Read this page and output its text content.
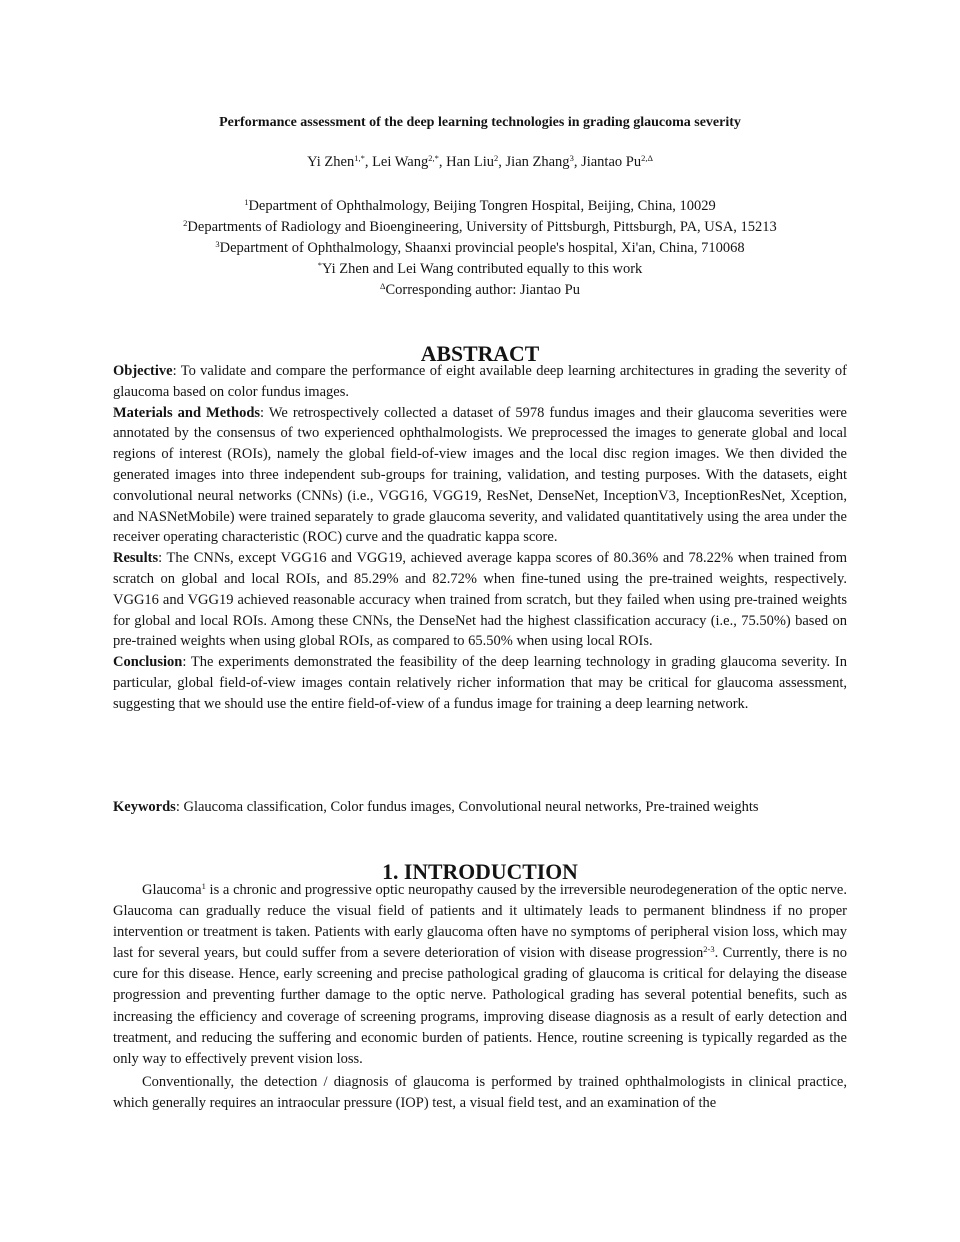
Performance assessment of the deep learning technologies in grading glaucoma severity

Yi Zhen$^{1,*}$, Lei Wang$^{2,*}$, Han Liu$^2$, Jian Zhang$^3$, Jiantao $Pu^{2,\Delta}$

$^1$Department of Ophthalmology, Beijing Tongren Hospital, Beijing, China, 10029
$^2$Departments of Radiology and Bioengineering, University of Pittsburgh, Pittsburgh, PA, USA, 15213
$^3$Department of Ophthalmology, Shaanxi provincial people's hospital, Xi'an, China, 710068
*Yi Zhen and Lei Wang contributed equally to this work
$^\Delta$Corresponding author: Jiantao Pu
ABSTRACT

Objective: To validate and compare the performance of eight available deep learning architectures in grading the severity of glaucoma based on color fundus images.

Materials and Methods: We retrospectively collected a dataset of 5978 fundus images and their glaucoma severities were annotated by the consensus of two experienced ophthalmologists. We preprocessed the images to generate global and local regions of interest (ROIs), namely the global field-of-view images and the local disc region images. We then divided the generated images into three independent sub-groups for training, validation, and testing purposes. With the datasets, eight convolutional neural networks (CNNs) (i.e., VGG16, VGG19, ResNet, DenseNet, InceptionV3, InceptionResNet, Xception, and NASNetMobile) were trained separately to grade glaucoma severity, and validated quantitatively using the area under the receiver operating characteristic (ROC) curve and the quadratic kappa score.

Results: The CNNs, except VGG16 and VGG19, achieved average kappa scores of 80.36% and 78.22% when trained from scratch on global and local ROIs, and 85.29% and 82.72% when fine-tuned using the pre-trained weights, respectively. VGG16 and VGG19 achieved reasonable accuracy when trained from scratch, but they failed when using pre-trained weights for global and local ROIs. Among these CNNs, the DenseNet had the highest classification accuracy (i.e., 75.50%) based on pre-trained weights when using global ROIs, as compared to 65.50% when using local ROIs.

Conclusion: The experiments demonstrated the feasibility of the deep learning technology in grading glaucoma severity. In particular, global field-of-view images contain relatively richer information that may be critical for glaucoma assessment, suggesting that we should use the entire field-of-view of a fundus image for training a deep learning network.

Keywords: Glaucoma classification, Color fundus images, Convolutional neural networks, Pre-trained weights

1. INTRODUCTION

Glaucoma$^1$ is a chronic and progressive optic neuropathy caused by the irreversible neurodegeneration of the optic nerve. Glaucoma can gradually reduce the visual field of patients and it ultimately leads to permanent blindness if no proper intervention or treatment is taken. Patients with early glaucoma often have no symptoms of peripheral vision loss, which may last for several years, but could suffer from a severe deterioration of vision with disease progression$^{2-3}$. Currently, there is no cure for this disease. Hence, early screening and precise pathological grading of glaucoma is critical for delaying the disease progression and preventing further damage to the optic nerve. Pathological grading has several potential benefits, such as increasing the efficiency and coverage of screening programs, improving disease diagnosis as a result of early detection and treatment, and reducing the suffering and economic burden of patients. Hence, routine screening is typically regarded as the only way to effectively prevent vision loss.

Conventionally, the detection / diagnosis of glaucoma is performed by trained ophthalmologists in clinical practice, which generally requires an intraocular pressure (IOP) test, a visual field test, and an examination of the
